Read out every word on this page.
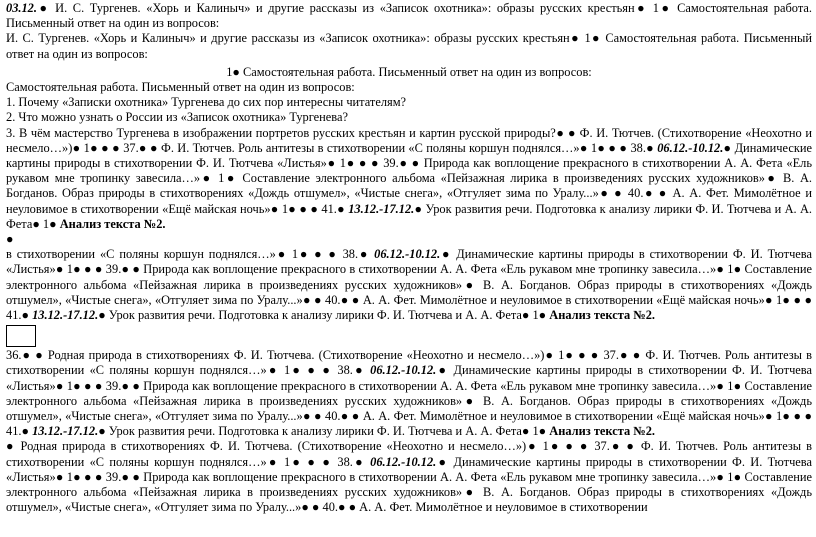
03.12.● И. С. Тургенев. «Хорь и Калиныч» и другие рассказы из «Записок охотника»: образы русских крестьян● 1● Самостоятельная работа. Письменный ответ на один из вопросов:

И. С. Тургенев. «Хорь и Калиныч» и другие рассказы из «Записок охотника»: образы русских крестьян● 1● Самостоятельная работа. Письменный ответ на один из вопросов:

1● Самостоятельная работа. Письменный ответ на один из вопросов:

Самостоятельная работа. Письменный ответ на один из вопросов:

1. Почему «Записки охотника» Тургенева до сих пор интересны читателям?

2. Что можно узнать о России из «Записок охотника» Тургенева?

3. В чём мастерство Тургенева в изображении портретов русских крестьян и картин русской природы?● ● Ф. И. Тютчев. (Стихотворение «Неохотно и несмело…»)● 1● ● ● 37.● ● Ф. И. Тютчев. Роль антитезы в стихотворении «С поляны коршун поднялся…»● 1● ● ● 38.● 06.12.-10.12.● Динамические картины природы в стихотворении Ф. И. Тютчева «Листья»● 1● ● ● 39.● ● Природа как воплощение прекрасного в стихотворении А. А. Фета «Ель рукавом мне тропинку завесила…»● 1● Составление электронного альбома «Пейзажная лирика в произведениях русских художников»● В. А. Богданов. Образ природы в стихотворениях «Дождь отшумел», «Чистые снега», «Отгуляет зима по Уралу...»● ● 40.● ● А. А. Фет. Мимолётное и неуловимое в стихотворении «Ещё майская ночь»● 1● ● ● 41.● 13.12.-17.12.● Урок развития речи. Подготовка к анализу лирики Ф. И. Тютчева и А. А. Фета● 1● Анализ текста №2.

●

в стихотворении «С поляны коршун поднялся…»● 1● ● ● 38.● 06.12.-10.12.● Динамические картины природы в стихотворении Ф. И. Тютчева «Листья»● 1● ● ● 39.● ● Природа как воплощение прекрасного в стихотворении А. А. Фета «Ель рукавом мне тропинку завесила…»● 1● Составление электронного альбома «Пейзажная лирика в произведениях русских художников»● В. А. Богданов. Образ природы в стихотворениях «Дождь отшумел», «Чистые снега», «Отгуляет зима по Уралу...»● ● 40.● ● А. А. Фет. Мимолётное и неуловимое в стихотворении «Ещё майская ночь»● 1● ● ● 41.● 13.12.-17.12.● Урок развития речи. Подготовка к анализу лирики Ф. И. Тютчева и А. А. Фета● 1● Анализ текста №2.

36.● ● Родная природа в стихотворениях Ф. И. Тютчева. (Стихотворение «Неохотно и несмело…»)● 1● ● ● 37.● ● Ф. И. Тютчев. Роль антитезы в стихотворении «С поляны коршун поднялся…»● 1● ● ● 38.● 06.12.-10.12.● Динамические картины природы в стихотворении Ф. И. Тютчева «Листья»● 1● ● ● 39.● ● Природа как воплощение прекрасного в стихотворении А. А. Фета «Ель рукавом мне тропинку завесила…»● 1● Составление электронного альбома «Пейзажная лирика в произведениях русских художников»● В. А. Богданов. Образ природы в стихотворениях «Дождь отшумел», «Чистые снега», «Отгуляет зима по Уралу...»● ● 40.● ● А. А. Фет. Мимолётное и неуловимое в стихотворении «Ещё майская ночь»● 1● ● ● 41.● 13.12.-17.12.● Урок развития речи. Подготовка к анализу лирики Ф. И. Тютчева и А. А. Фета● 1● Анализ текста №2.

● Родная природа в стихотворениях Ф. И. Тютчева. (Стихотворение «Неохотно и несмело…»)● 1● ● ● 37.● ● Ф. И. Тютчев. Роль антитезы в стихотворении «С поляны коршун поднялся…»● 1● ● ● 38.● 06.12.-10.12.● Динамические картины природы в стихотворении Ф. И. Тютчева «Листья»● 1● ● ● 39.● ● Природа как воплощение прекрасного в стихотворении А. А. Фета «Ель рукавом мне тропинку завесила…»● 1● Составление электронного альбома «Пейзажная лирика в произведениях русских художников»● В. А. Богданов. Образ природы в стихотворениях «Дождь отшумел», «Чистые снега», «Отгуляет зима по Уралу...»● ● 40.● ● А. А. Фет. Мимолётное и неуловимое в стихотворении
